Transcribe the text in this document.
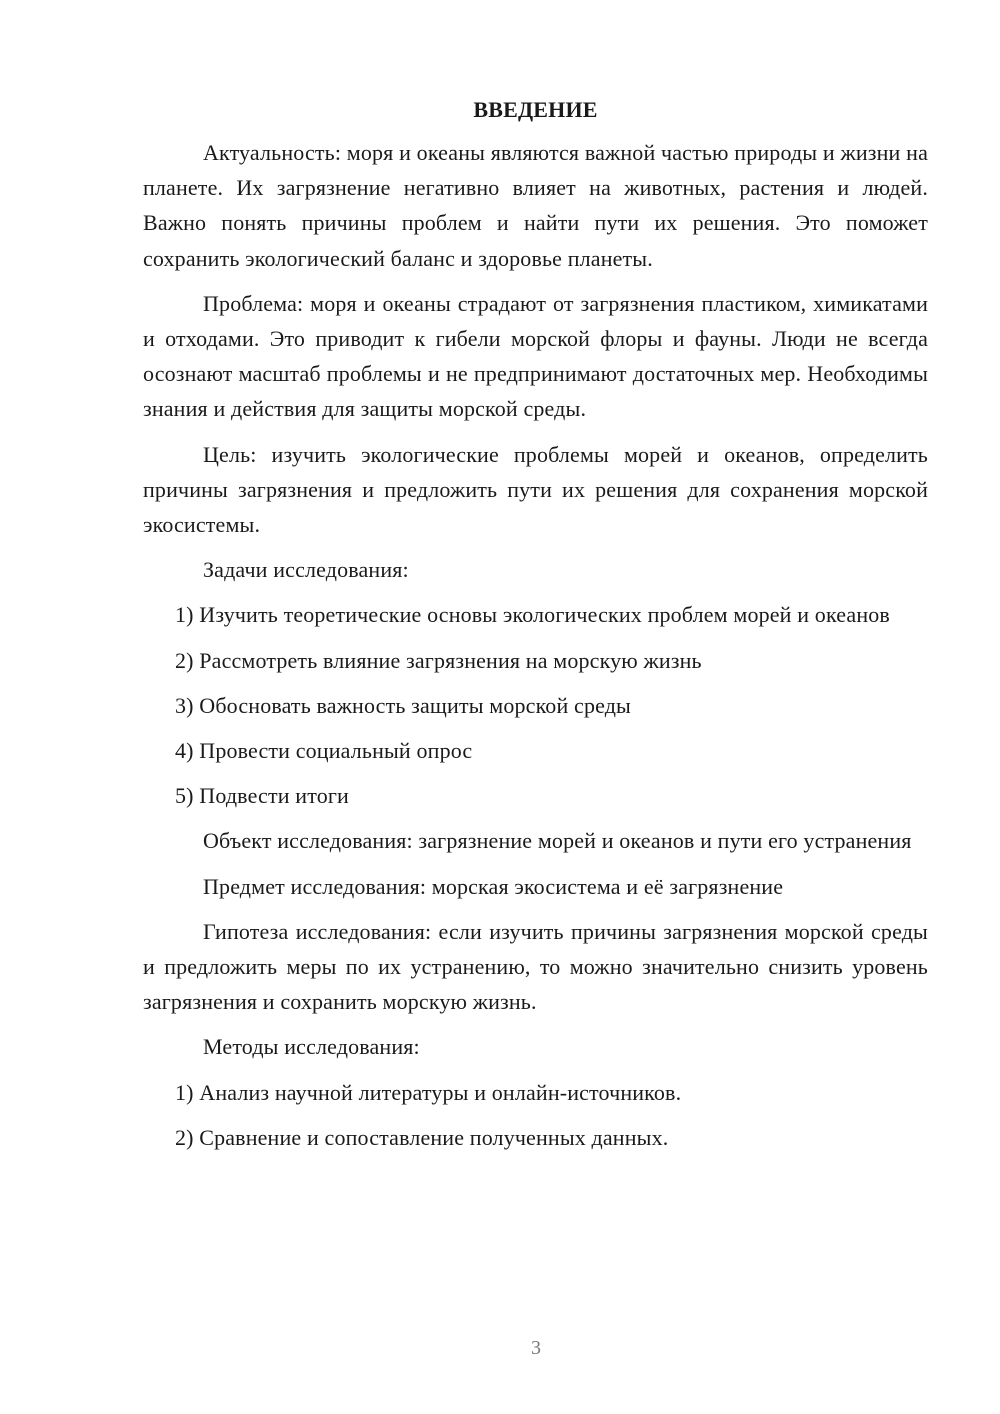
ВВЕДЕНИЕ

Актуальность: моря и океаны являются важной частью природы и жизни на планете. Их загрязнение негативно влияет на животных, растения и людей. Важно понять причины проблем и найти пути их решения. Это поможет сохранить экологический баланс и здоровье планеты.

Проблема: моря и океаны страдают от загрязнения пластиком, химикатами и отходами. Это приводит к гибели морской флоры и фауны. Люди не всегда осознают масштаб проблемы и не предпринимают достаточных мер. Необходимы знания и действия для защиты морской среды.

Цель: изучить экологические проблемы морей и океанов, определить причины загрязнения и предложить пути их решения для сохранения морской экосистемы.

Задачи исследования:

1) Изучить теоретические основы экологических проблем морей и океанов

2) Рассмотреть влияние загрязнения на морскую жизнь

3) Обосновать важность защиты морской среды

4) Провести социальный опрос

5) Подвести итоги

Объект исследования: загрязнение морей и океанов и пути его устранения

Предмет исследования: морская экосистема и её загрязнение

Гипотеза исследования: если изучить причины загрязнения морской среды и предложить меры по их устранению, то можно значительно снизить уровень загрязнения и сохранить морскую жизнь.

Методы исследования:

1) Анализ научной литературы и онлайн-источников.

2) Сравнение и сопоставление полученных данных.

3
